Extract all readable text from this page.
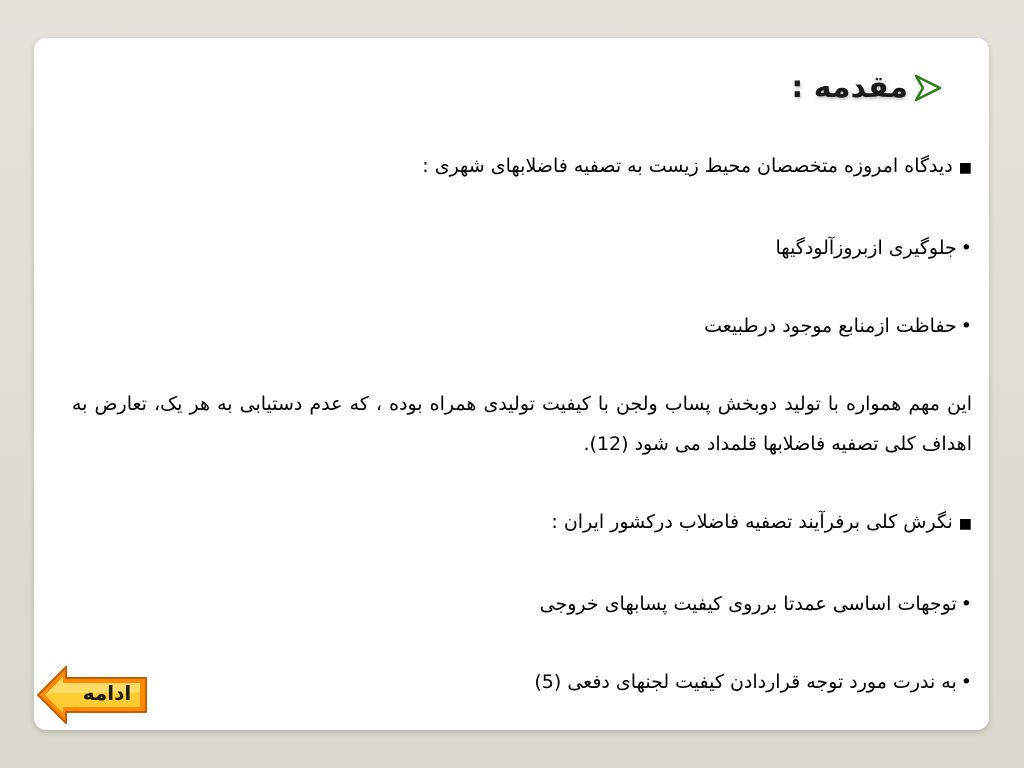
مقدمه :
■دیدگاه امروزه متخصصان محیط زیست به تصفیه فاضلابهای شهری :
•جلوگیری ازبروزآلودگیها
•حفاظت ازمنابع موجود درطبیعت
این مهم همواره با تولید دوبخش پساب ولجن با کیفیت تولیدی همراه بوده ، که عدم دستیابی به هر یک، تعارض به اهداف کلی تصفیه فاضلابها قلمداد می شود (12).
■نگرش کلی برفرآیند تصفیه فاضلاب درکشور ایران :
•توجهات اساسی عمدتا برروی کیفیت پسابهای خروجی
•به ندرت مورد توجه قراردادن کیفیت لجنهای دفعی (5)
ادامه
